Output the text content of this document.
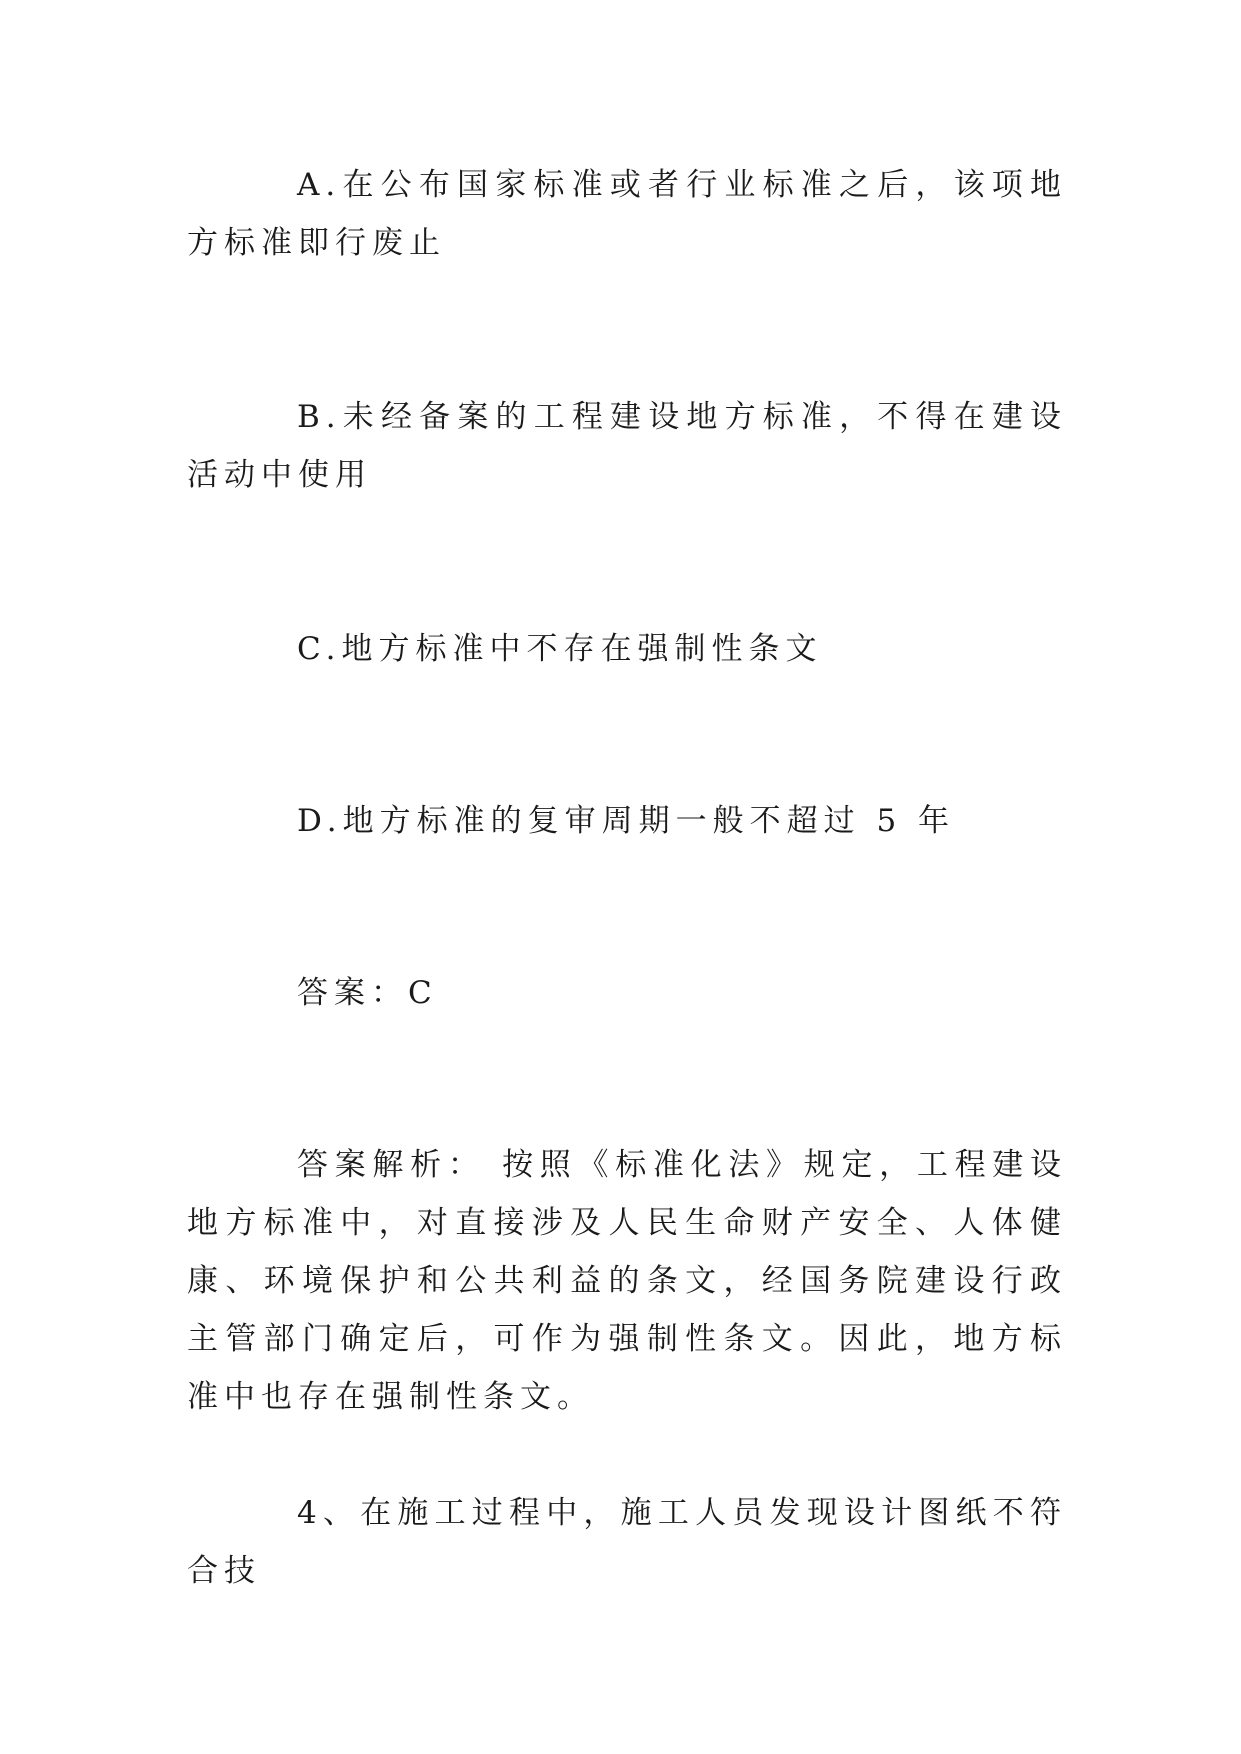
A.在公布国家标准或者行业标准之后，该项地方标准即行废止

B.未经备案的工程建设地方标准，不得在建设活动中使用

C.地方标准中不存在强制性条文

D.地方标准的复审周期一般不超过 5 年

答案：C

答案解析： 按照《标准化法》规定，工程建设地方标准中，对直接涉及人民生命财产安全、人体健康、环境保护和公共利益的条文，经国务院建设行政主管部门确定后，可作为强制性条文。因此，地方标准中也存在强制性条文。

4、在施工过程中，施工人员发现设计图纸不符合技
